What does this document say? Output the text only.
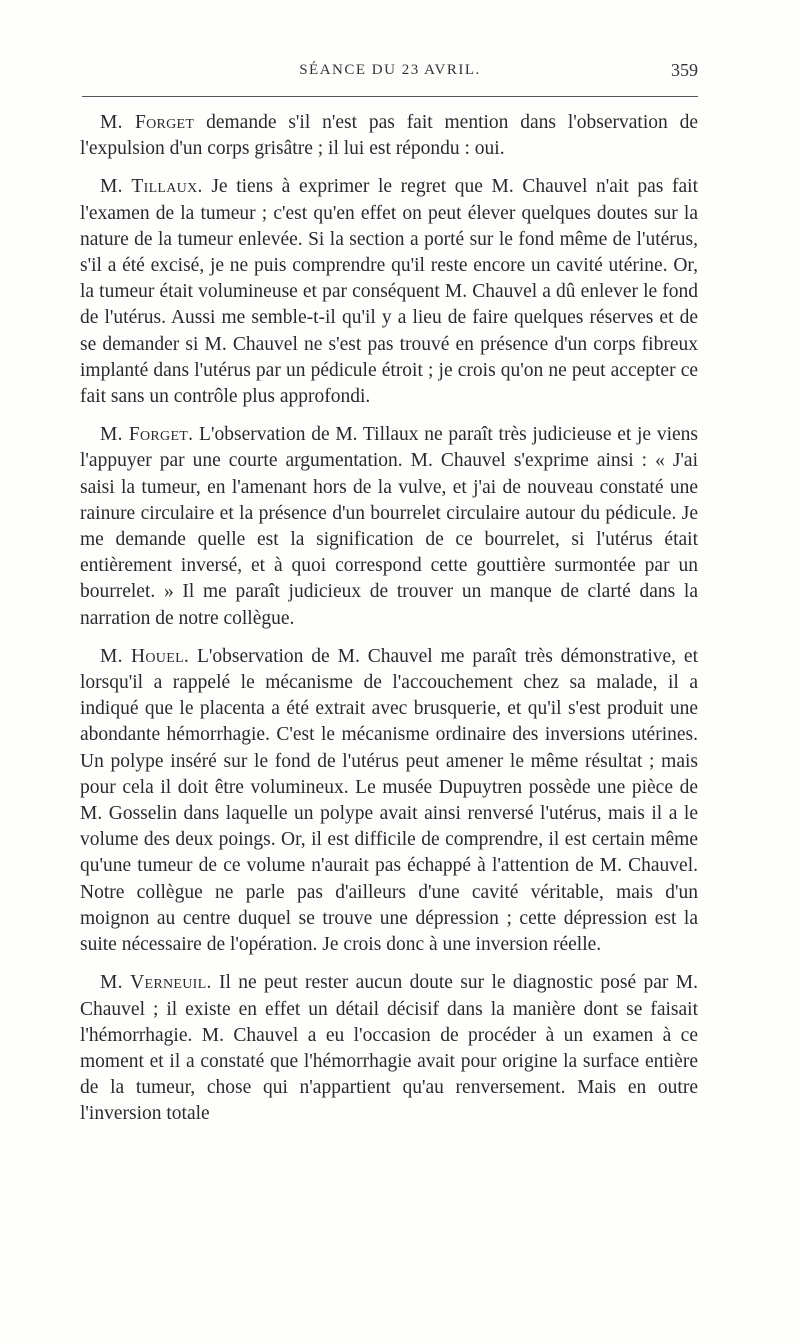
SÉANCE DU 23 AVRIL.	359

M. Forget demande s'il n'est pas fait mention dans l'observation de l'expulsion d'un corps grisâtre ; il lui est répondu : oui.

M. Tillaux. Je tiens à exprimer le regret que M. Chauvel n'ait pas fait l'examen de la tumeur ; c'est qu'en effet on peut élever quelques doutes sur la nature de la tumeur enlevée. Si la section a porté sur le fond même de l'utérus, s'il a été excisé, je ne puis comprendre qu'il reste encore un cavité utérine. Or, la tumeur était volumineuse et par conséquent M. Chauvel a dû enlever le fond de l'utérus. Aussi me semble-t-il qu'il y a lieu de faire quelques réserves et de se demander si M. Chauvel ne s'est pas trouvé en présence d'un corps fibreux implanté dans l'utérus par un pédicule étroit ; je crois qu'on ne peut accepter ce fait sans un contrôle plus approfondi.

M. Forget. L'observation de M. Tillaux ne paraît très judicieuse et je viens l'appuyer par une courte argumentation. M. Chauvel s'exprime ainsi : « J'ai saisi la tumeur, en l'amenant hors de la vulve, et j'ai de nouveau constaté une rainure circulaire et la présence d'un bourrelet circulaire autour du pédicule. Je me demande quelle est la signification de ce bourrelet, si l'utérus était entièrement inversé, et à quoi correspond cette gouttière surmontée par un bourrelet. » Il me paraît judicieux de trouver un manque de clarté dans la narration de notre collègue.

M. Houel. L'observation de M. Chauvel me paraît très démonstrative, et lorsqu'il a rappelé le mécanisme de l'accouchement chez sa malade, il a indiqué que le placenta a été extrait avec brusquerie, et qu'il s'est produit une abondante hémorrhagie. C'est le mécanisme ordinaire des inversions utérines. Un polype inséré sur le fond de l'utérus peut amener le même résultat ; mais pour cela il doit être volumineux. Le musée Dupuytren possède une pièce de M. Gosselin dans laquelle un polype avait ainsi renversé l'utérus, mais il a le volume des deux poings. Or, il est difficile de comprendre, il est certain même qu'une tumeur de ce volume n'aurait pas échappé à l'attention de M. Chauvel. Notre collègue ne parle pas d'ailleurs d'une cavité véritable, mais d'un moignon au centre duquel se trouve une dépression ; cette dépression est la suite nécessaire de l'opération. Je crois donc à une inversion réelle.

M. Verneuil. Il ne peut rester aucun doute sur le diagnostic posé par M. Chauvel ; il existe en effet un détail décisif dans la manière dont se faisait l'hémorrhagie. M. Chauvel a eu l'occasion de procéder à un examen à ce moment et il a constaté que l'hémorrhagie avait pour origine la surface entière de la tumeur, chose qui n'appartient qu'au renversement. Mais en outre l'inversion totale
